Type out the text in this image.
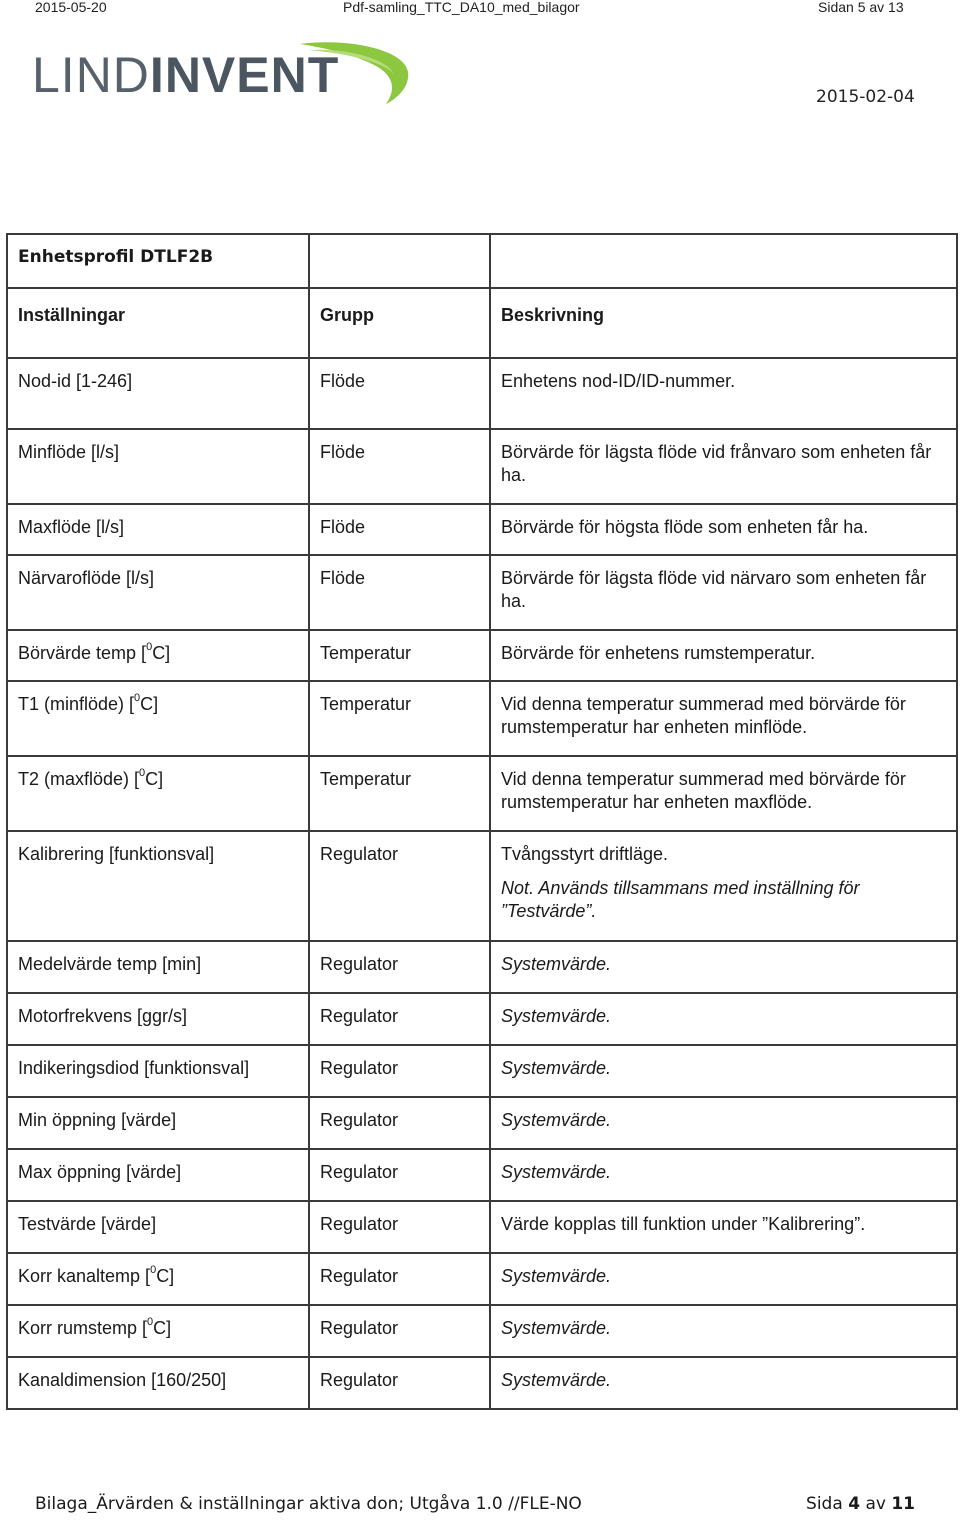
2015-05-20	Pdf-samling_TTC_DA10_med_bilagor	Sidan 5 av 13
LINDINVENT	2015-02-04
Enhetsprofil DTLF2B		
Inställningar	Grupp	Beskrivning
Nod-id [1-246]	Flöde	Enhetens nod-ID/ID-nummer.
Minflöde [l/s]	Flöde	Börvärde för lägsta flöde vid frånvaro som enheten får ha.
Maxflöde [l/s]	Flöde	Börvärde för högsta flöde som enheten får ha.
Närvaroflöde [l/s]	Flöde	Börvärde för lägsta flöde vid närvaro som enheten får ha.
Börvärde temp [$^0$C]	Temperatur	Börvärde för enhetens rumstemperatur.
T1 (minflöde) [$^0$C]	Temperatur	Vid denna temperatur summerad med börvärde för rumstemperatur har enheten minflöde.
T2 (maxflöde) [$^0$C]	Temperatur	Vid denna temperatur summerad med börvärde för rumstemperatur har enheten maxflöde.
Kalibrering [funktionsval]	Regulator	Tvångsstyrt driftläge.
Not. Används tillsammans med inställning för ”Testvärde”.

Medelvärde temp [min]	Regulator	Systemvärde.
Motorfrekvens [ggr/s]	Regulator	Systemvärde.
Indikeringsdiod [funktionsval]	Regulator	Systemvärde.
Min öppning [värde]	Regulator	Systemvärde.
Max öppning [värde]	Regulator	Systemvärde.
Testvärde [värde]	Regulator	Värde kopplas till funktion under ”Kalibrering”.
Korr kanaltemp [$^0$C]	Regulator	Systemvärde.
Korr rumstemp [$^0$C]	Regulator	Systemvärde.
Kanaldimension [160/250]	Regulator	Systemvärde.
Bilaga_Ärvärden & inställningar aktiva don; Utgåva 1.0 //FLE-NO	Sida 4 av 11
